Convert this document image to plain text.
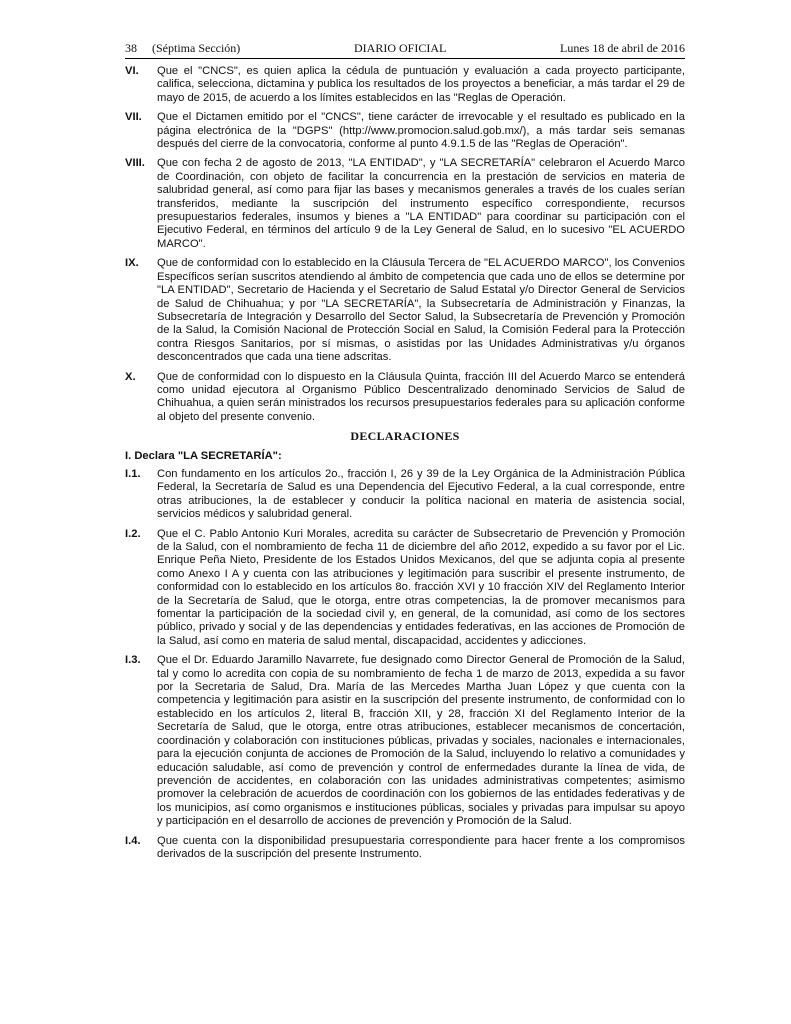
38 (Séptima Sección)	DIARIO OFICIAL	Lunes 18 de abril de 2016
VI.	Que el "CNCS", es quien aplica la cédula de puntuación y evaluación a cada proyecto participante, califica, selecciona, dictamina y publica los resultados de los proyectos a beneficiar, a más tardar el 29 de mayo de 2015, de acuerdo a los límites establecidos en las "Reglas de Operación.
VII.	Que el Dictamen emitido por el "CNCS", tiene carácter de irrevocable y el resultado es publicado en la página electrónica de la "DGPS" (http://www.promocion.salud.gob.mx/), a más tardar seis semanas después del cierre de la convocatoria, conforme al punto 4.9.1.5 de las "Reglas de Operación".
VIII.	Que con fecha 2 de agosto de 2013, "LA ENTIDAD", y "LA SECRETARÍA" celebraron el Acuerdo Marco de Coordinación, con objeto de facilitar la concurrencia en la prestación de servicios en materia de salubridad general, así como para fijar las bases y mecanismos generales a través de los cuales serían transferidos, mediante la suscripción del instrumento específico correspondiente, recursos presupuestarios federales, insumos y bienes a "LA ENTIDAD" para coordinar su participación con el Ejecutivo Federal, en términos del artículo 9 de la Ley General de Salud, en lo sucesivo "EL ACUERDO MARCO".
IX.	Que de conformidad con lo establecido en la Cláusula Tercera de "EL ACUERDO MARCO", los Convenios Específicos serían suscritos atendiendo al ámbito de competencia que cada uno de ellos se determine por "LA ENTIDAD", Secretario de Hacienda y el Secretario de Salud Estatal y/o Director General de Servicios de Salud de Chihuahua; y por "LA SECRETARÍA", la Subsecretaría de Administración y Finanzas, la Subsecretaría de Integración y Desarrollo del Sector Salud, la Subsecretaría de Prevención y Promoción de la Salud, la Comisión Nacional de Protección Social en Salud, la Comisión Federal para la Protección contra Riesgos Sanitarios, por sí mismas, o asistidas por las Unidades Administrativas y/u órganos desconcentrados que cada una tiene adscritas.
X.	Que de conformidad con lo dispuesto en la Cláusula Quinta, fracción III del Acuerdo Marco se entenderá como unidad ejecutora al Organismo Público Descentralizado denominado Servicios de Salud de Chihuahua, a quien serán ministrados los recursos presupuestarios federales para su aplicación conforme al objeto del presente convenio.
DECLARACIONES
I. Declara "LA SECRETARÍA":
I.1.	Con fundamento en los artículos 2o., fracción I, 26 y 39 de la Ley Orgánica de la Administración Pública Federal, la Secretaría de Salud es una Dependencia del Ejecutivo Federal, a la cual corresponde, entre otras atribuciones, la de establecer y conducir la política nacional en materia de asistencia social, servicios médicos y salubridad general.
I.2.	Que el C. Pablo Antonio Kuri Morales, acredita su carácter de Subsecretario de Prevención y Promoción de la Salud, con el nombramiento de fecha 11 de diciembre del año 2012, expedido a su favor por el Lic. Enrique Peña Nieto, Presidente de los Estados Unidos Mexicanos, del que se adjunta copia al presente como Anexo I A y cuenta con las atribuciones y legitimación para suscribir el presente instrumento, de conformidad con lo establecido en los artículos 8o. fracción XVI y 10 fracción XIV del Reglamento Interior de la Secretaría de Salud, que le otorga, entre otras competencias, la de promover mecanismos para fomentar la participación de la sociedad civil y, en general, de la comunidad, así como de los sectores público, privado y social y de las dependencias y entidades federativas, en las acciones de Promoción de la Salud, así como en materia de salud mental, discapacidad, accidentes y adicciones.
I.3.	Que el Dr. Eduardo Jaramillo Navarrete, fue designado como Director General de Promoción de la Salud, tal y como lo acredita con copia de su nombramiento de fecha 1 de marzo de 2013, expedida a su favor por la Secretaria de Salud, Dra. María de las Mercedes Martha Juan López y que cuenta con la competencia y legitimación para asistir en la suscripción del presente instrumento, de conformidad con lo establecido en los artículos 2, literal B, fracción XII, y 28, fracción XI del Reglamento Interior de la Secretaría de Salud, que le otorga, entre otras atribuciones, establecer mecanismos de concertación, coordinación y colaboración con instituciones públicas, privadas y sociales, nacionales e internacionales, para la ejecución conjunta de acciones de Promoción de la Salud, incluyendo lo relativo a comunidades y educación saludable, así como de prevención y control de enfermedades durante la línea de vida, de prevención de accidentes, en colaboración con las unidades administrativas competentes; asimismo promover la celebración de acuerdos de coordinación con los gobiernos de las entidades federativas y de los municipios, así como organismos e instituciones públicas, sociales y privadas para impulsar su apoyo y participación en el desarrollo de acciones de prevención y Promoción de la Salud.
I.4.	Que cuenta con la disponibilidad presupuestaria correspondiente para hacer frente a los compromisos derivados de la suscripción del presente Instrumento.
